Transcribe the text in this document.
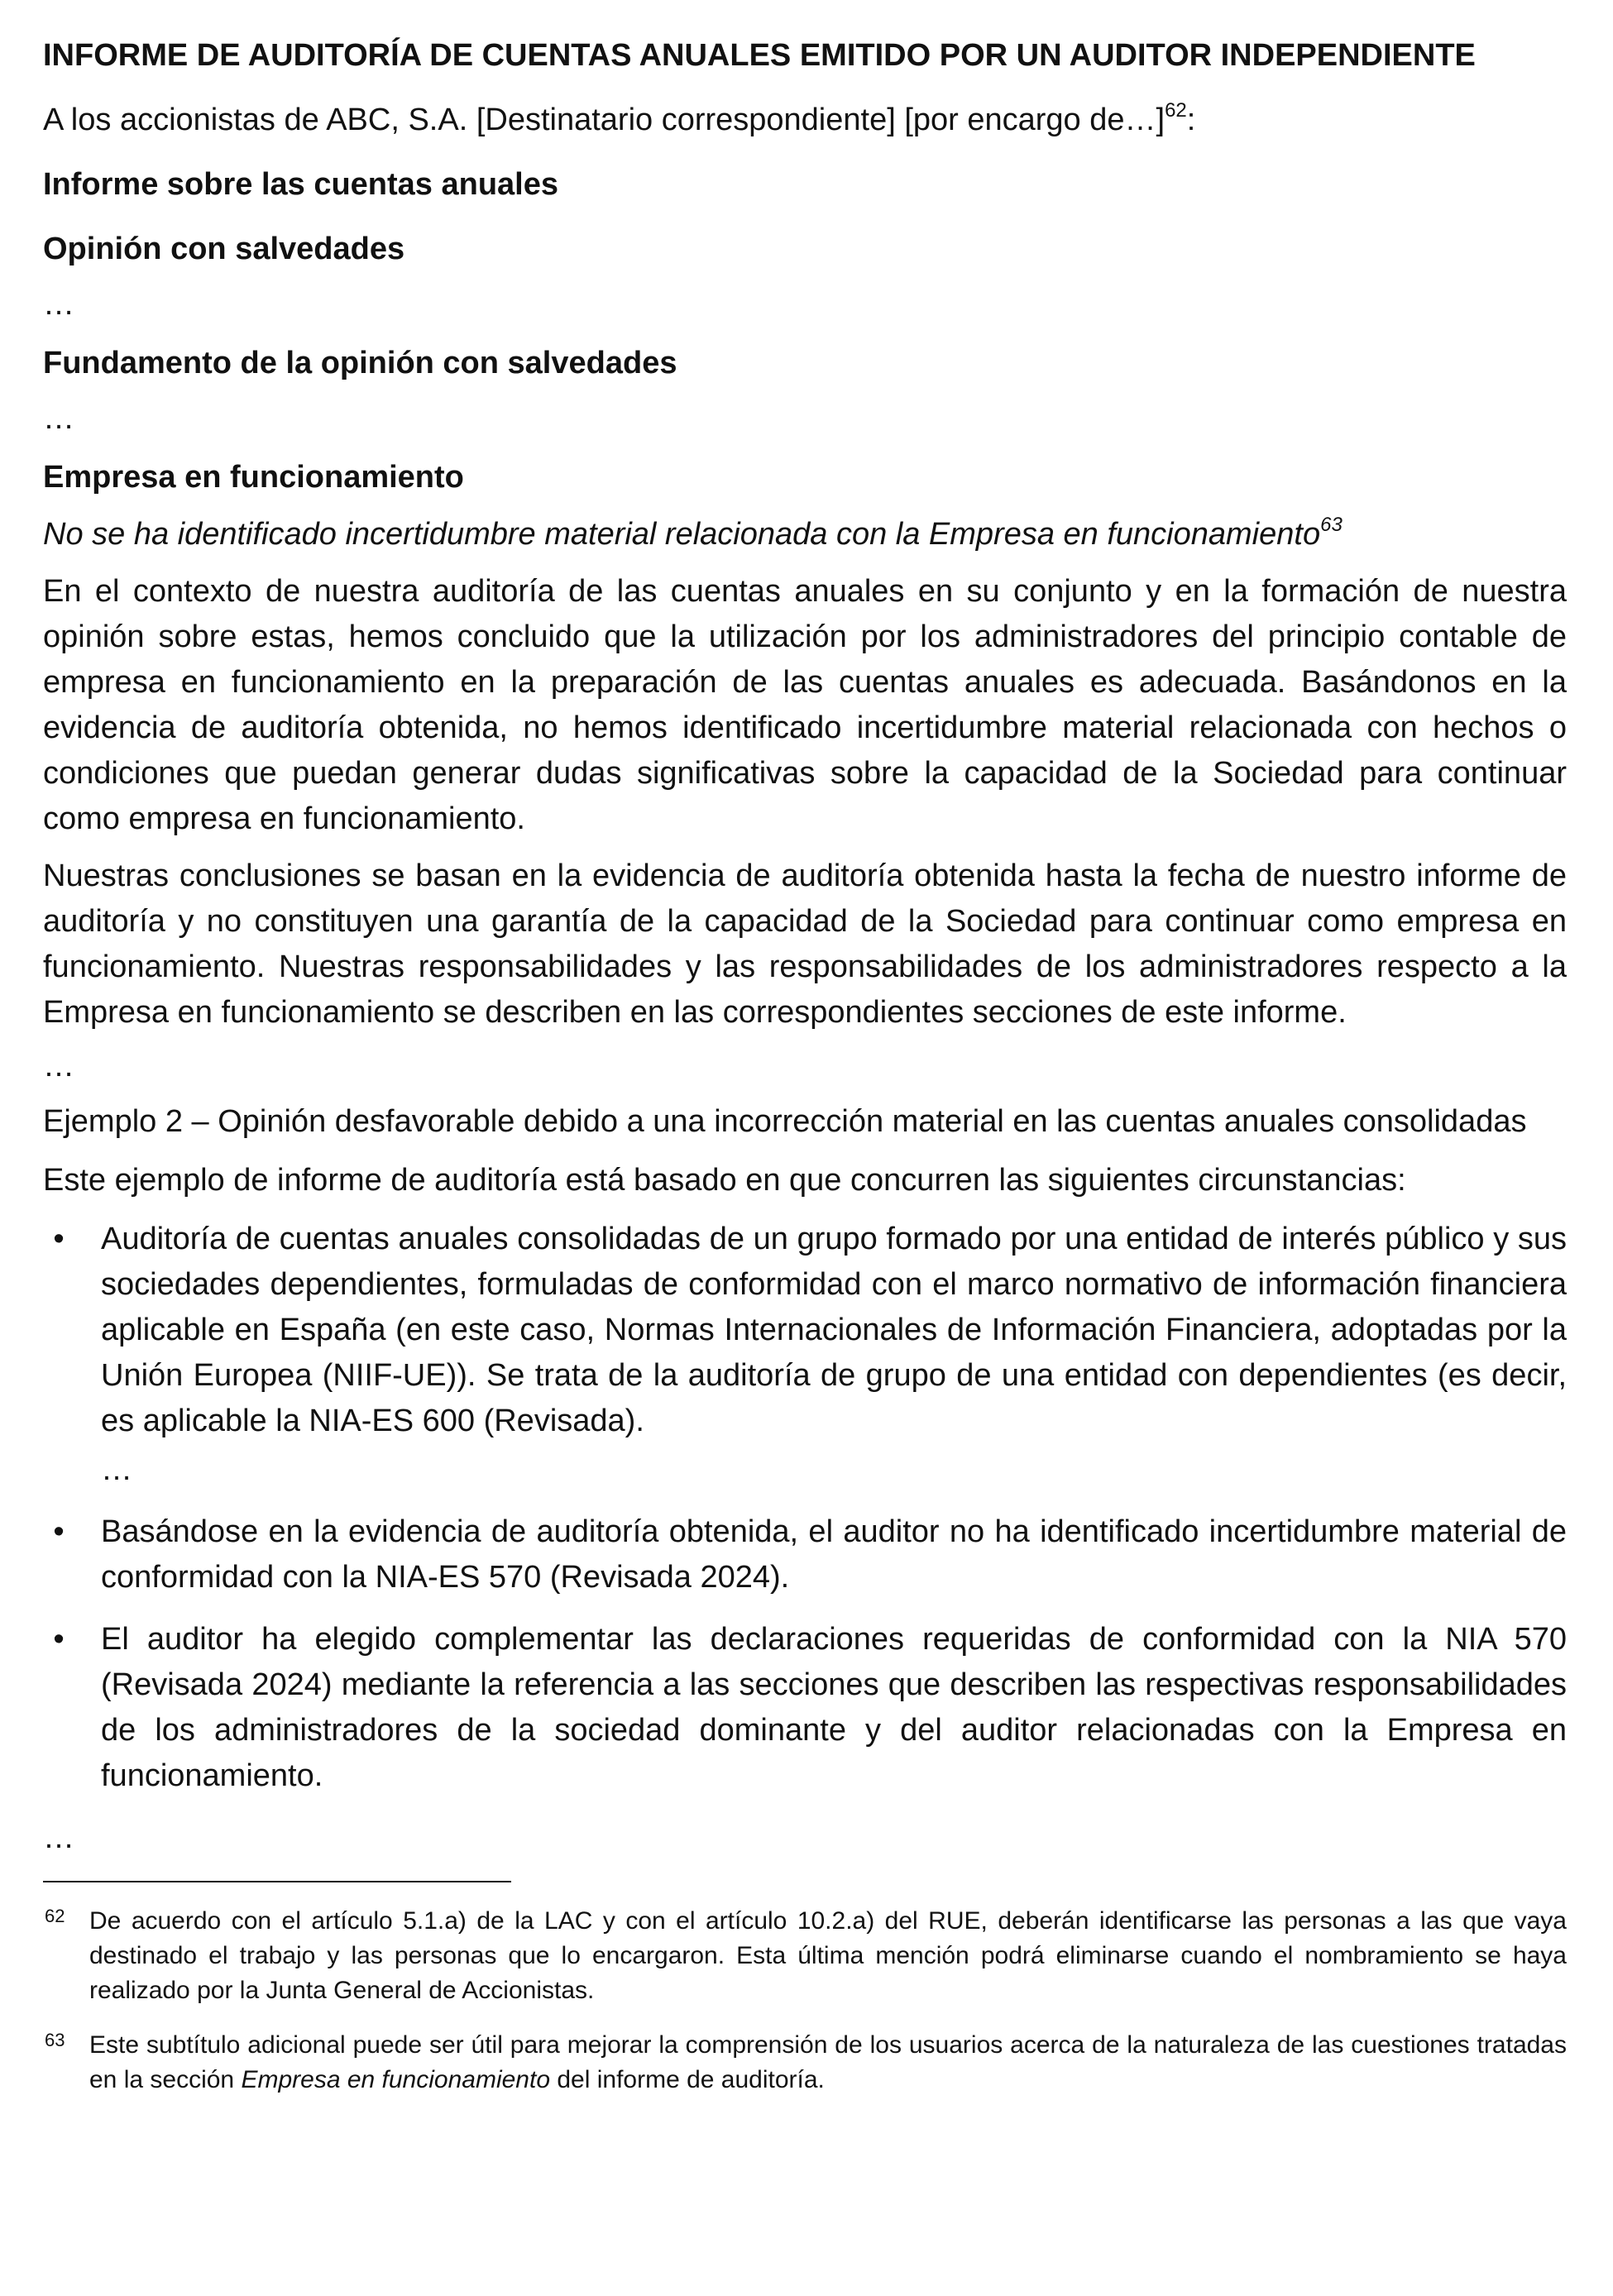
INFORME DE AUDITORÍA DE CUENTAS ANUALES EMITIDO POR UN AUDITOR INDEPENDIENTE

A los accionistas de ABC, S.A. [Destinatario correspondiente] [por encargo de…]$^{62}$:

Informe sobre las cuentas anuales

Opinión con salvedades

…

Fundamento de la opinión con salvedades

…

Empresa en funcionamiento

No se ha identificado incertidumbre material relacionada con la Empresa en funcionamiento$^{63}$

En el contexto de nuestra auditoría de las cuentas anuales en su conjunto y en la formación de nuestra opinión sobre estas, hemos concluido que la utilización por los administradores del principio contable de empresa en funcionamiento en la preparación de las cuentas anuales es adecuada. Basándonos en la evidencia de auditoría obtenida, no hemos identificado incertidumbre material relacionada con hechos o condiciones que puedan generar dudas significativas sobre la capacidad de la Sociedad para continuar como empresa en funcionamiento.

Nuestras conclusiones se basan en la evidencia de auditoría obtenida hasta la fecha de nuestro informe de auditoría y no constituyen una garantía de la capacidad de la Sociedad para continuar como empresa en funcionamiento. Nuestras responsabilidades y las responsabilidades de los administradores respecto a la Empresa en funcionamiento se describen en las correspondientes secciones de este informe.

…

Ejemplo 2 – Opinión desfavorable debido a una incorrección material en las cuentas anuales consolidadas

Este ejemplo de informe de auditoría está basado en que concurren las siguientes circunstancias:

• Auditoría de cuentas anuales consolidadas de un grupo formado por una entidad de interés público y sus sociedades dependientes, formuladas de conformidad con el marco normativo de información financiera aplicable en España (en este caso, Normas Internacionales de Información Financiera, adoptadas por la Unión Europea (NIIF-UE)). Se trata de la auditoría de grupo de una entidad con dependientes (es decir, es aplicable la NIA-ES 600 (Revisada).

…

• Basándose en la evidencia de auditoría obtenida, el auditor no ha identificado incertidumbre material de conformidad con la NIA-ES 570 (Revisada 2024).

• El auditor ha elegido complementar las declaraciones requeridas de conformidad con la NIA 570 (Revisada 2024) mediante la referencia a las secciones que describen las respectivas responsabilidades de los administradores de la sociedad dominante y del auditor relacionadas con la Empresa en funcionamiento.

…

62 De acuerdo con el artículo 5.1.a) de la LAC y con el artículo 10.2.a) del RUE, deberán identificarse las personas a las que vaya destinado el trabajo y las personas que lo encargaron. Esta última mención podrá eliminarse cuando el nombramiento se haya realizado por la Junta General de Accionistas.
63 Este subtítulo adicional puede ser útil para mejorar la comprensión de los usuarios acerca de la naturaleza de las cuestiones tratadas en la sección Empresa en funcionamiento del informe de auditoría.
